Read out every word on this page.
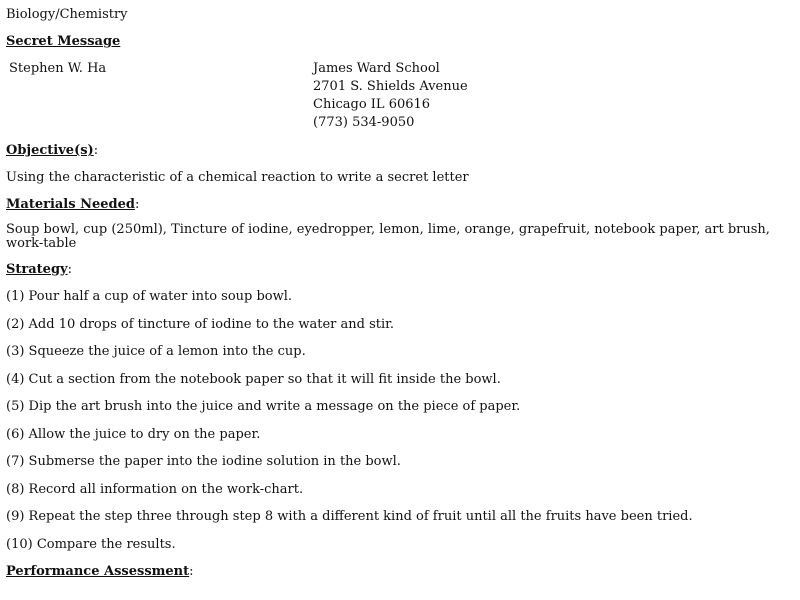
Biology/Chemistry

Secret Message

Stephen W. Ha	James Ward School

2701 S. Shields Avenue

Chicago IL 60616

(773) 534-9050

Objective(s):

Using the characteristic of a chemical reaction to write a secret letter

Materials Needed:

Soup bowl, cup (250ml), Tincture of iodine, eyedropper, lemon, lime, orange, grapefruit, notebook paper, art brush, work-table

Strategy:

(1) Pour half a cup of water into soup bowl.

(2) Add 10 drops of tincture of iodine to the water and stir.

(3) Squeeze the juice of a lemon into the cup.

(4) Cut a section from the notebook paper so that it will fit inside the bowl.

(5) Dip the art brush into the juice and write a message on the piece of paper.

(6) Allow the juice to dry on the paper.

(7) Submerse the paper into the iodine solution in the bowl.

(8) Record all information on the work-chart.

(9) Repeat the step three through step 8 with a different kind of fruit until all the fruits have been tried.

(10) Compare the results.

Performance Assessment:
